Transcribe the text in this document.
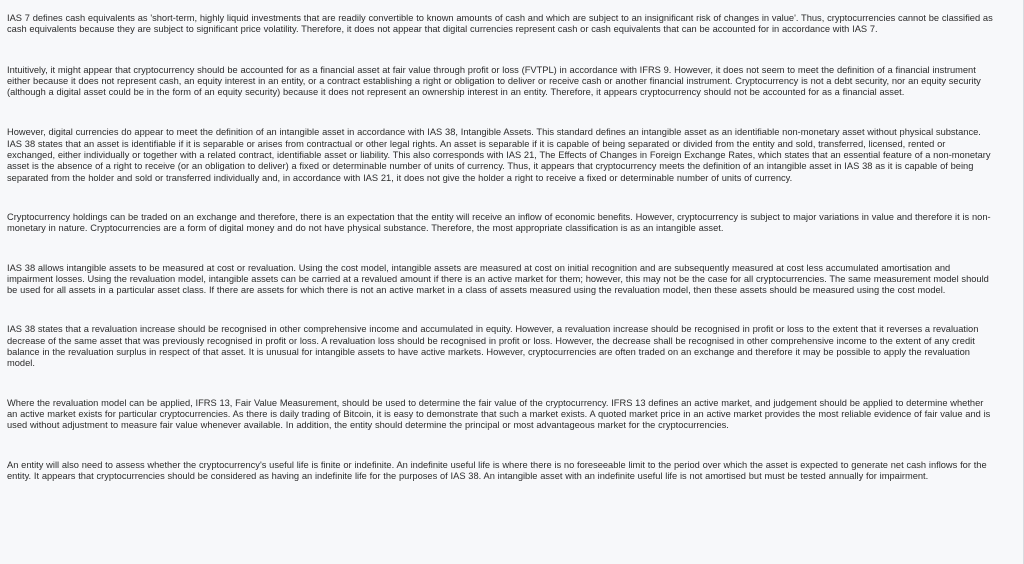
IAS 7 defines cash equivalents as 'short-term, highly liquid investments that are readily convertible to known amounts of cash and which are subject to an insignificant risk of changes in value'. Thus, cryptocurrencies cannot be classified as cash equivalents because they are subject to significant price volatility. Therefore, it does not appear that digital currencies represent cash or cash equivalents that can be accounted for in accordance with IAS 7.

Intuitively, it might appear that cryptocurrency should be accounted for as a financial asset at fair value through profit or loss (FVTPL) in accordance with IFRS 9. However, it does not seem to meet the definition of a financial instrument either because it does not represent cash, an equity interest in an entity, or a contract establishing a right or obligation to deliver or receive cash or another financial instrument. Cryptocurrency is not a debt security, nor an equity security (although a digital asset could be in the form of an equity security) because it does not represent an ownership interest in an entity. Therefore, it appears cryptocurrency should not be accounted for as a financial asset.

However, digital currencies do appear to meet the definition of an intangible asset in accordance with IAS 38, Intangible Assets. This standard defines an intangible asset as an identifiable non-monetary asset without physical substance. IAS 38 states that an asset is identifiable if it is separable or arises from contractual or other legal rights. An asset is separable if it is capable of being separated or divided from the entity and sold, transferred, licensed, rented or exchanged, either individually or together with a related contract, identifiable asset or liability. This also corresponds with IAS 21, The Effects of Changes in Foreign Exchange Rates, which states that an essential feature of a non-monetary asset is the absence of a right to receive (or an obligation to deliver) a fixed or determinable number of units of currency. Thus, it appears that cryptocurrency meets the definition of an intangible asset in IAS 38 as it is capable of being separated from the holder and sold or transferred individually and, in accordance with IAS 21, it does not give the holder a right to receive a fixed or determinable number of units of currency.

Cryptocurrency holdings can be traded on an exchange and therefore, there is an expectation that the entity will receive an inflow of economic benefits. However, cryptocurrency is subject to major variations in value and therefore it is non-monetary in nature. Cryptocurrencies are a form of digital money and do not have physical substance. Therefore, the most appropriate classification is as an intangible asset.

IAS 38 allows intangible assets to be measured at cost or revaluation. Using the cost model, intangible assets are measured at cost on initial recognition and are subsequently measured at cost less accumulated amortisation and impairment losses. Using the revaluation model, intangible assets can be carried at a revalued amount if there is an active market for them; however, this may not be the case for all cryptocurrencies. The same measurement model should be used for all assets in a particular asset class. If there are assets for which there is not an active market in a class of assets measured using the revaluation model, then these assets should be measured using the cost model.

IAS 38 states that a revaluation increase should be recognised in other comprehensive income and accumulated in equity. However, a revaluation increase should be recognised in profit or loss to the extent that it reverses a revaluation decrease of the same asset that was previously recognised in profit or loss. A revaluation loss should be recognised in profit or loss. However, the decrease shall be recognised in other comprehensive income to the extent of any credit balance in the revaluation surplus in respect of that asset. It is unusual for intangible assets to have active markets. However, cryptocurrencies are often traded on an exchange and therefore it may be possible to apply the revaluation model.

Where the revaluation model can be applied, IFRS 13, Fair Value Measurement, should be used to determine the fair value of the cryptocurrency. IFRS 13 defines an active market, and judgement should be applied to determine whether an active market exists for particular cryptocurrencies. As there is daily trading of Bitcoin, it is easy to demonstrate that such a market exists. A quoted market price in an active market provides the most reliable evidence of fair value and is used without adjustment to measure fair value whenever available. In addition, the entity should determine the principal or most advantageous market for the cryptocurrencies.

An entity will also need to assess whether the cryptocurrency's useful life is finite or indefinite. An indefinite useful life is where there is no foreseeable limit to the period over which the asset is expected to generate net cash inflows for the entity. It appears that cryptocurrencies should be considered as having an indefinite life for the purposes of IAS 38. An intangible asset with an indefinite useful life is not amortised but must be tested annually for impairment.
